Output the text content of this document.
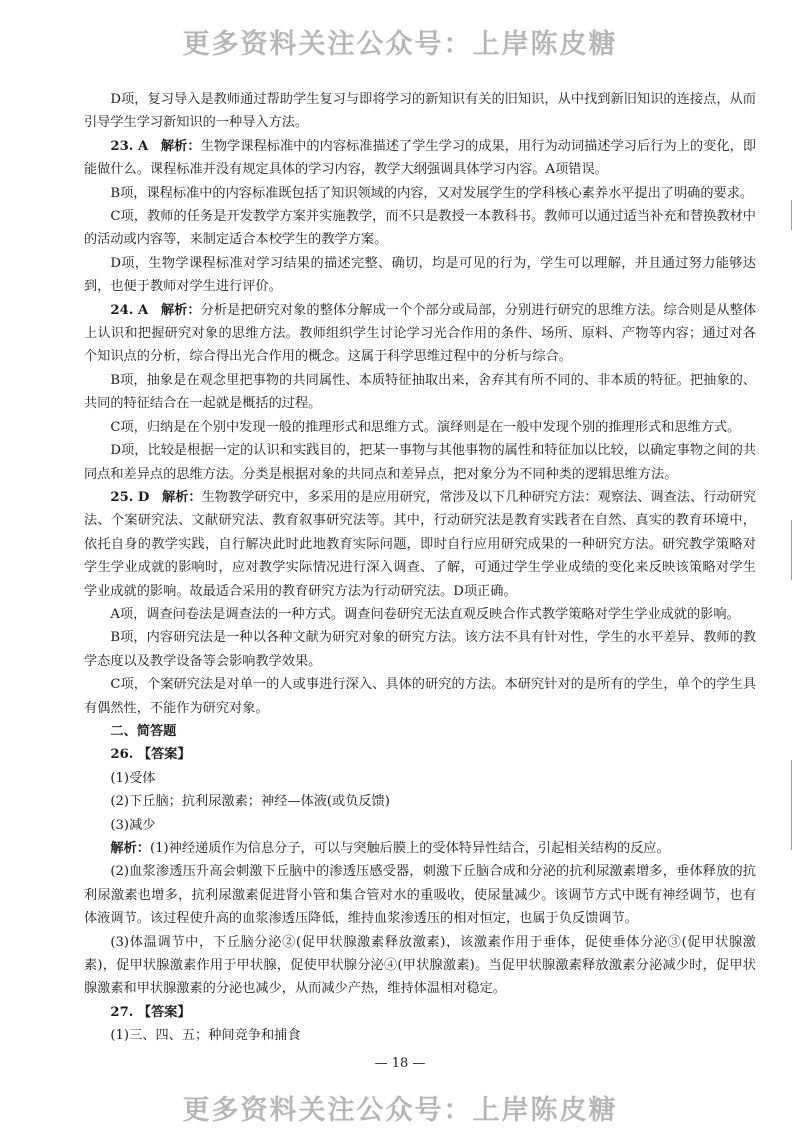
更多资料关注公众号：上岸陈皮糖

D项，复习导入是教师通过帮助学生复习与即将学习的新知识有关的旧知识，从中找到新旧知识的连接点，从而引导学生学习新知识的一种导入方法。

23. A 解析：生物学课程标准中的内容标准描述了学生学习的成果，用行为动词描述学习后行为上的变化，即能做什么。课程标准并没有规定具体的学习内容，教学大纲强调具体学习内容。A项错误。

B项，课程标准中的内容标准既包括了知识领域的内容，又对发展学生的学科核心素养水平提出了明确的要求。

C项，教师的任务是开发教学方案并实施教学，而不只是教授一本教科书。教师可以通过适当补充和替换教材中的活动或内容等，来制定适合本校学生的教学方案。

D项，生物学课程标准对学习结果的描述完整、确切，均是可见的行为，学生可以理解，并且通过努力能够达到，也便于教师对学生进行评价。

24. A 解析：分析是把研究对象的整体分解成一个个部分或局部，分别进行研究的思维方法。综合则是从整体上认识和把握研究对象的思维方法。教师组织学生讨论学习光合作用的条件、场所、原料、产物等内容；通过对各个知识点的分析，综合得出光合作用的概念。这属于科学思维过程中的分析与综合。

B项，抽象是在观念里把事物的共同属性、本质特征抽取出来，舍弃其有所不同的、非本质的特征。把抽象的、共同的特征结合在一起就是概括的过程。

C项，归纳是在个别中发现一般的推理形式和思维方式。演绎则是在一般中发现个别的推理形式和思维方式。

D项，比较是根据一定的认识和实践目的，把某一事物与其他事物的属性和特征加以比较，以确定事物之间的共同点和差异点的思维方法。分类是根据对象的共同点和差异点，把对象分为不同种类的逻辑思维方法。

25. D 解析：生物教学研究中，多采用的是应用研究，常涉及以下几种研究方法：观察法、调查法、行动研究法、个案研究法、文献研究法、教育叙事研究法等。其中，行动研究法是教育实践者在自然、真实的教育环境中，依托自身的教学实践，自行解决此时此地教育实际问题，即时自行应用研究成果的一种研究方法。研究教学策略对学生学业成就的影响时，应对教学实际情况进行深入调查、了解，可通过学生学业成绩的变化来反映该策略对学生学业成就的影响。故最适合采用的教育研究方法为行动研究法。D项正确。

A项，调查问卷法是调查法的一种方式。调查问卷研究无法直观反映合作式教学策略对学生学业成就的影响。

B项，内容研究法是一种以各种文献为研究对象的研究方法。该方法不具有针对性，学生的水平差异、教师的教学态度以及教学设备等会影响教学效果。

C项，个案研究法是对单一的人或事进行深入、具体的研究的方法。本研究针对的是所有的学生，单个的学生具有偶然性，不能作为研究对象。

二、简答题

26. 【答案】

(1)受体

(2)下丘脑；抗利尿激素；神经—体液(或负反馈)

(3)减少

解析：(1)神经递质作为信息分子，可以与突触后膜上的受体特异性结合，引起相关结构的反应。

(2)血浆渗透压升高会刺激下丘脑中的渗透压感受器，刺激下丘脑合成和分泌的抗利尿激素增多，垂体释放的抗利尿激素也增多，抗利尿激素促进肾小管和集合管对水的重吸收，使尿量减少。该调节方式中既有神经调节，也有体液调节。该过程使升高的血浆渗透压降低，维持血浆渗透压的相对恒定，也属于负反馈调节。

(3)体温调节中，下丘脑分泌②(促甲状腺激素释放激素)，该激素作用于垂体，促使垂体分泌③(促甲状腺激素)，促甲状腺激素作用于甲状腺，促使甲状腺分泌④(甲状腺激素)。当促甲状腺激素释放激素分泌减少时，促甲状腺激素和甲状腺激素的分泌也减少，从而减少产热，维持体温相对稳定。

27. 【答案】

(1)三、四、五；种间竞争和捕食

— 18 —
更多资料关注公众号：上岸陈皮糖
